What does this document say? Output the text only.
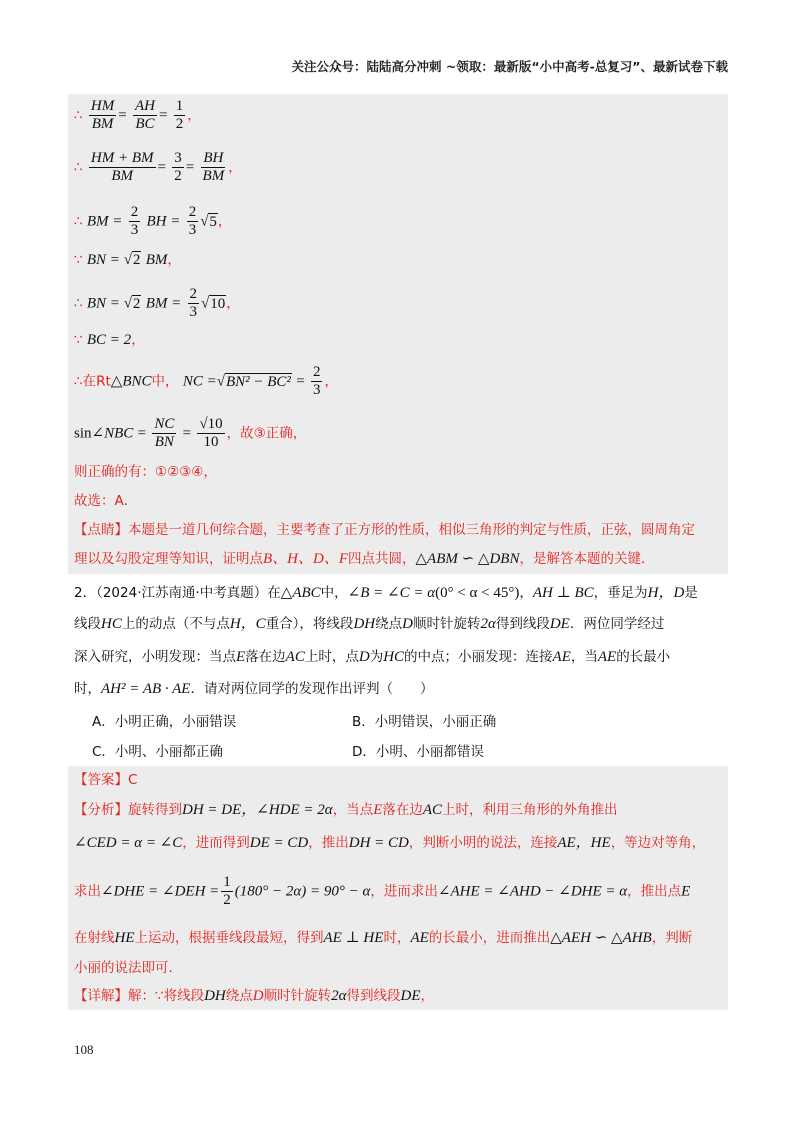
关注公众号：陆陆高分冲刺 ~领取：最新版“小中高考-总复习”、最新试卷下载
∴ $\frac{HM}{BM} = \frac{AH}{BC} = \frac{1}{2}$ ，
∴ $\frac{HM + BM}{BM} = \frac{3}{2} = \frac{BH}{BM}$ ，
∴ BM = $\frac{2}{3}$ BH = $\frac{2}{3} √5$，
∵ BN = √2 BM，
∴ BN = √2 BM = $\frac{2}{3} √10$，
∵ BC = 2，
∴在Rt△BNC中， NC $=√BN^2 - BC^2 = \frac{2}{3}$ ，
sin∠NBC = $\frac{NC}{BN} = \frac{√10}{10}$ ，故③正确，
则正确的有：①②③④，
故选：A．
【点睛】本题是一道几何综合题，主要考查了正方形的性质，相似三角形的判定与性质，正弦，圆周角定
理以及勾股定理等知识，证明点B、H、D、F四点共圆，△ABM ∽ △DBN，是解答本题的关键．
2．（2024·江苏南通·中考真题）在△ABC中，∠B = ∠C = α(0° < α < 45°)，AH ⊥ BC，垂足为H，D是
线段HC上的动点（不与点H，C重合），将线段DH绕点D顺时针旋转2α得到线段DE．两位同学经过
深入研究，小明发现：当点E落在边AC上时，点D为HC的中点；小丽发现：连接AE，当AE的长最小
时，AH² = AB · AE．请对两位同学的发现作出评判（　　）
A．小明正确，小丽错误	B．小明错误，小丽正确
C．小明、小丽都正确	D．小明、小丽都错误
【答案】C
【分析】旋转得到DH = DE，∠HDE = 2α，当点E落在边AC上时，利用三角形的外角推出
∠CED = α = ∠C，进而得到DE = CD，推出DH = CD，判断小明的说法，连接AE，HE，等边对等角，
求出∠DHE = ∠DEH = $\frac{1}{2} (180^\circ - 2\alpha) = 90^\circ - \alpha$，进而求出∠AHE = ∠AHD − ∠DHE = α，推出点E
在射线HE上运动，根据垂线段最短，得到AE ⊥ HE时，AE的长最小，进而推出△AEH ∽ △AHB，判断
小丽的说法即可．
【详解】解：∵将线段DH绕点D顺时针旋转2α得到线段DE，
108
